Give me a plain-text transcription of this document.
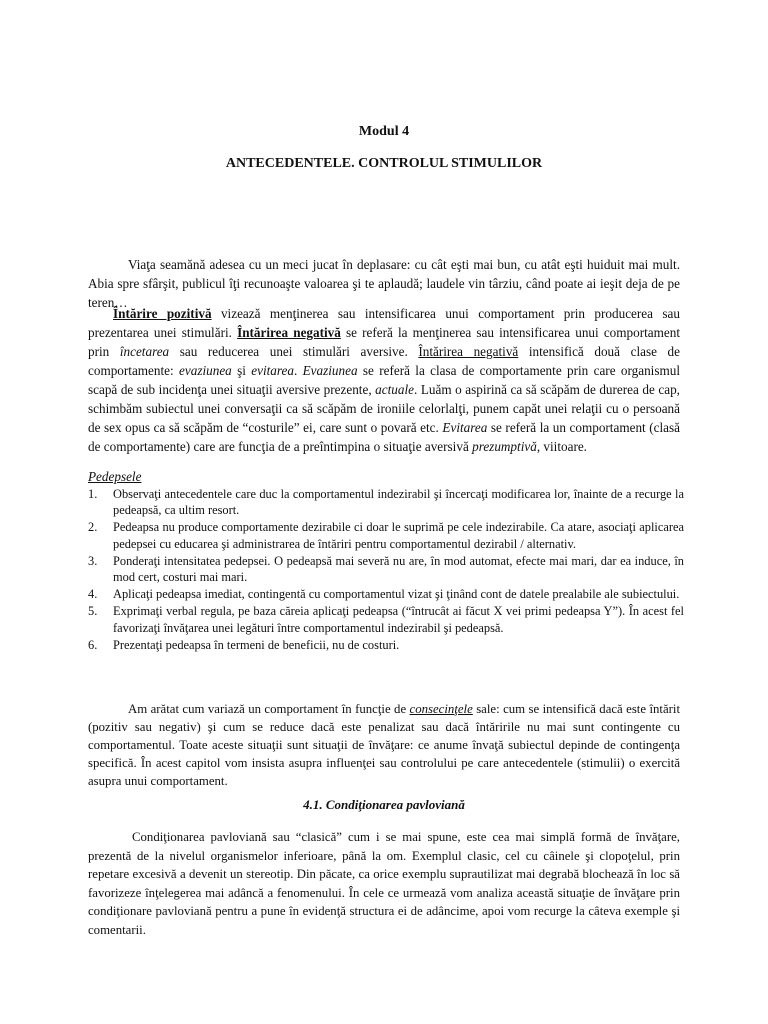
Modul 4
ANTECEDENTELE. CONTROLUL STIMULILOR

Viaţa seamănă adesea cu un meci jucat în deplasare: cu cât eşti mai bun, cu atât eşti huiduit mai mult. Abia spre sfârşit, publicul îţi recunoaşte valoarea şi te aplaudă; laudele vin târziu, când poate ai ieşit deja de pe teren…

Întărire pozitivă vizează menţinerea sau intensificarea unui comportament prin producerea sau prezentarea unei stimulări. Întărirea negativă se referă la menţinerea sau intensificarea unui comportament prin încetarea sau reducerea unei stimulări aversive. Întărirea negativă intensifică două clase de comportamente: evaziunea şi evitarea. Evaziunea se referă la clasa de comportamente prin care organismul scapă de sub incidenţa unei situaţii aversive prezente, actuale. Luăm o aspirină ca să scăpăm de durerea de cap, schimbăm subiectul unei conversaţii ca să scăpăm de ironiile celorlalţi, punem capăt unei relaţii cu o persoană de sex opus ca să scăpăm de “costurile” ei, care sunt o povară etc. Evitarea se referă la un comportament (clasă de comportamente) care are funcţia de a preîntimpina o situaţie aversivă prezumptivă, viitoare.

Pedepsele
1. Observaţi antecedentele care duc la comportamentul indezirabil şi încercaţi modificarea lor, înainte de a recurge la pedeapsă, ca ultim resort.
2. Pedeapsa nu produce comportamente dezirabile ci doar le suprimă pe cele indezirabile. Ca atare, asociaţi aplicarea pedepsei cu educarea şi administrarea de întăriri pentru comportamentul dezirabil / alternativ.
3. Ponderaţi intensitatea pedepsei. O pedeapsă mai severă nu are, în mod automat, efecte mai mari, dar ea induce, în mod cert, costuri mai mari.
4. Aplicaţi pedeapsa imediat, contingentă cu comportamentul vizat şi ţinând cont de datele prealabile ale subiectului.
5. Exprimaţi verbal regula, pe baza căreia aplicaţi pedeapsa (“întrucât ai făcut X vei primi pedeapsa Y”). În acest fel favorizaţi învăţarea unei legături între comportamentul indezirabil şi pedeapsă.
6. Prezentaţi pedeapsa în termeni de beneficii, nu de costuri.

Am arătat cum variază un comportament în funcţie de consecinţele sale: cum se intensifică dacă este întărit (pozitiv sau negativ) şi cum se reduce dacă este penalizat sau dacă întăririle nu mai sunt contingente cu comportamentul. Toate aceste situaţii sunt situaţii de învăţare: ce anume învaţă subiectul depinde de contingenţa specifică. În acest capitol vom insista asupra influenţei sau controlului pe care antecedentele (stimulii) o exercită asupra unui comportament.

4.1. Condiţionarea pavloviană

Condiţionarea pavloviană sau “clasică” cum i se mai spune, este cea mai simplă formă de învăţare, prezentă de la nivelul organismelor inferioare, până la om. Exemplul clasic, cel cu câinele şi clopoţelul, prin repetare excesivă a devenit un stereotip. Din păcate, ca orice exemplu suprautilizat mai degrabă blochează în loc să favorizeze înţelegerea mai adâncă a fenomenului. În cele ce urmează vom analiza această situaţie de învăţare prin condiţionare pavloviană pentru a pune în evidenţă structura ei de adâncime, apoi vom recurge la câteva exemple şi comentarii.
